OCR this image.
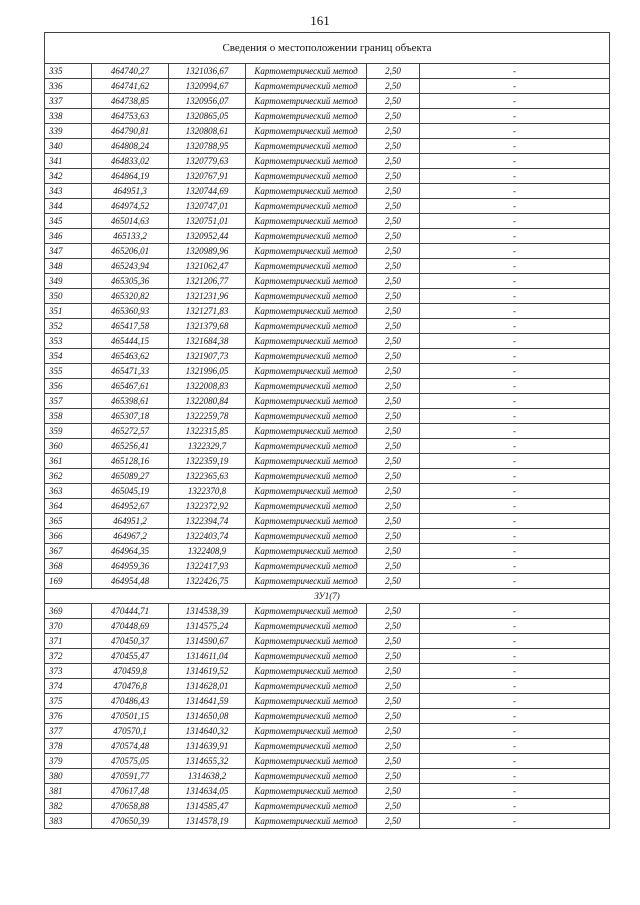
161
Сведения о местоположении границ объекта					
335	464740,27	1321036,67	Картометрический метод	2,50	-
336	464741,62	1320994,67	Картометрический метод	2,50	-
337	464738,85	1320956,07	Картометрический метод	2,50	-
338	464753,63	1320865,05	Картометрический метод	2,50	-
339	464790,81	1320808,61	Картометрический метод	2,50	-
340	464808,24	1320788,95	Картометрический метод	2,50	-
341	464833,02	1320779,63	Картометрический метод	2,50	-
342	464864,19	1320767,91	Картометрический метод	2,50	-
343	464951,3	1320744,69	Картометрический метод	2,50	-
344	464974,52	1320747,01	Картометрический метод	2,50	-
345	465014,63	1320751,01	Картометрический метод	2,50	-
346	465133,2	1320952,44	Картометрический метод	2,50	-
347	465206,01	1320989,96	Картометрический метод	2,50	-
348	465243,94	1321062,47	Картометрический метод	2,50	-
349	465305,36	1321206,77	Картометрический метод	2,50	-
350	465320,82	1321231,96	Картометрический метод	2,50	-
351	465360,93	1321271,83	Картометрический метод	2,50	-
352	465417,58	1321379,68	Картометрический метод	2,50	-
353	465444,15	1321684,38	Картометрический метод	2,50	-
354	465463,62	1321907,73	Картометрический метод	2,50	-
355	465471,33	1321996,05	Картометрический метод	2,50	-
356	465467,61	1322008,83	Картометрический метод	2,50	-
357	465398,61	1322080,84	Картометрический метод	2,50	-
358	465307,18	1322259,78	Картометрический метод	2,50	-
359	465272,57	1322315,85	Картометрический метод	2,50	-
360	465256,41	1322329,7	Картометрический метод	2,50	-
361	465128,16	1322359,19	Картометрический метод	2,50	-
362	465089,27	1322365,63	Картометрический метод	2,50	-
363	465045,19	1322370,8	Картометрический метод	2,50	-
364	464952,67	1322372,92	Картометрический метод	2,50	-
365	464951,2	1322394,74	Картометрический метод	2,50	-
366	464967,2	1322403,74	Картометрический метод	2,50	-
367	464964,35	1322408,9	Картометрический метод	2,50	-
368	464959,36	1322417,93	Картометрический метод	2,50	-
169	464954,48	1322426,75	Картометрический метод	2,50	-
ЗУ1(7)					
369	470444,71	1314538,39	Картометрический метод	2,50	-
370	470448,69	1314575,24	Картометрический метод	2,50	-
371	470450,37	1314590,67	Картометрический метод	2,50	-
372	470455,47	1314611,04	Картометрический метод	2,50	-
373	470459,8	1314619,52	Картометрический метод	2,50	-
374	470476,8	1314628,01	Картометрический метод	2,50	-
375	470486,43	1314641,59	Картометрический метод	2,50	-
376	470501,15	1314650,08	Картометрический метод	2,50	-
377	470570,1	1314640,32	Картометрический метод	2,50	-
378	470574,48	1314639,91	Картометрический метод	2,50	-
379	470575,05	1314655,32	Картометрический метод	2,50	-
380	470591,77	1314638,2	Картометрический метод	2,50	-
381	470617,48	1314634,05	Картометрический метод	2,50	-
382	470658,88	1314585,47	Картометрический метод	2,50	-
383	470650,39	1314578,19	Картометрический метод	2,50	-
